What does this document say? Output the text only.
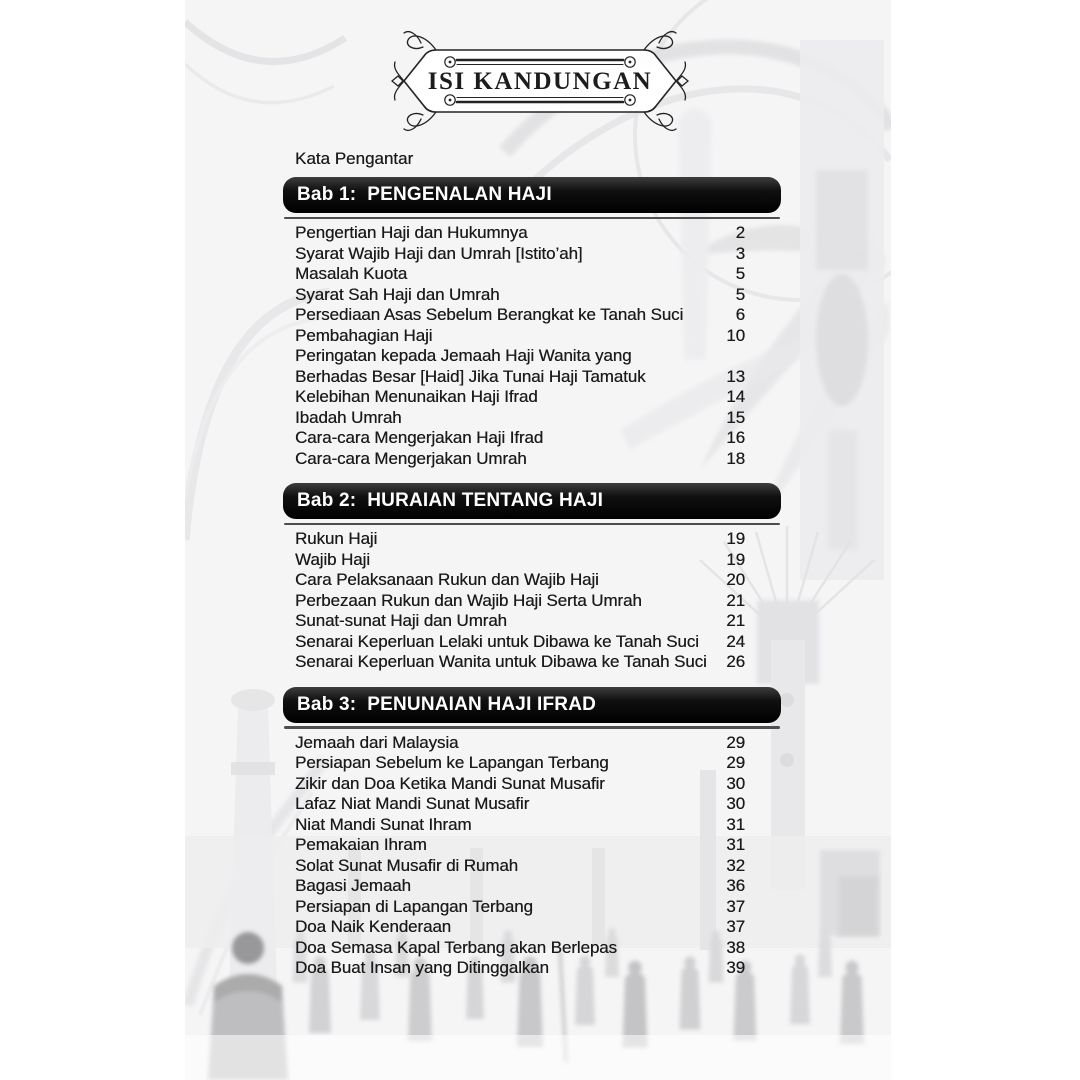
ISI KANDUNGAN
Kata Pengantar
Bab 1:  PENGENALAN HAJI
Pengertian Haji dan Hukumnya	2
Syarat Wajib Haji dan Umrah [Istito’ah]	3
Masalah Kuota	5
Syarat Sah Haji dan Umrah	5
Persediaan Asas Sebelum Berangkat ke Tanah Suci	6
Pembahagian Haji	10
Peringatan kepada Jemaah Haji Wanita yang
Berhadas Besar [Haid] Jika Tunai Haji Tamatuk	13
Kelebihan Menunaikan Haji Ifrad	14
Ibadah Umrah	15
Cara-cara Mengerjakan Haji Ifrad	16
Cara-cara Mengerjakan Umrah	18
Bab 2:  HURAIAN TENTANG HAJI
Rukun Haji	19
Wajib Haji	19
Cara Pelaksanaan Rukun dan Wajib Haji	20
Perbezaan Rukun dan Wajib Haji Serta Umrah	21
Sunat-sunat Haji dan Umrah	21
Senarai Keperluan Lelaki untuk Dibawa ke Tanah Suci	24
Senarai Keperluan Wanita untuk Dibawa ke Tanah Suci	26
Bab 3:  PENUNAIAN HAJI IFRAD
Jemaah dari Malaysia	29
Persiapan Sebelum ke Lapangan Terbang	29
Zikir dan Doa Ketika Mandi Sunat Musafir	30
Lafaz Niat Mandi Sunat Musafir	30
Niat Mandi Sunat Ihram	31
Pemakaian Ihram	31
Solat Sunat Musafir di Rumah	32
Bagasi Jemaah	36
Persiapan di Lapangan Terbang	37
Doa Naik Kenderaan	37
Doa Semasa Kapal Terbang akan Berlepas	38
Doa Buat Insan yang Ditinggalkan	39
